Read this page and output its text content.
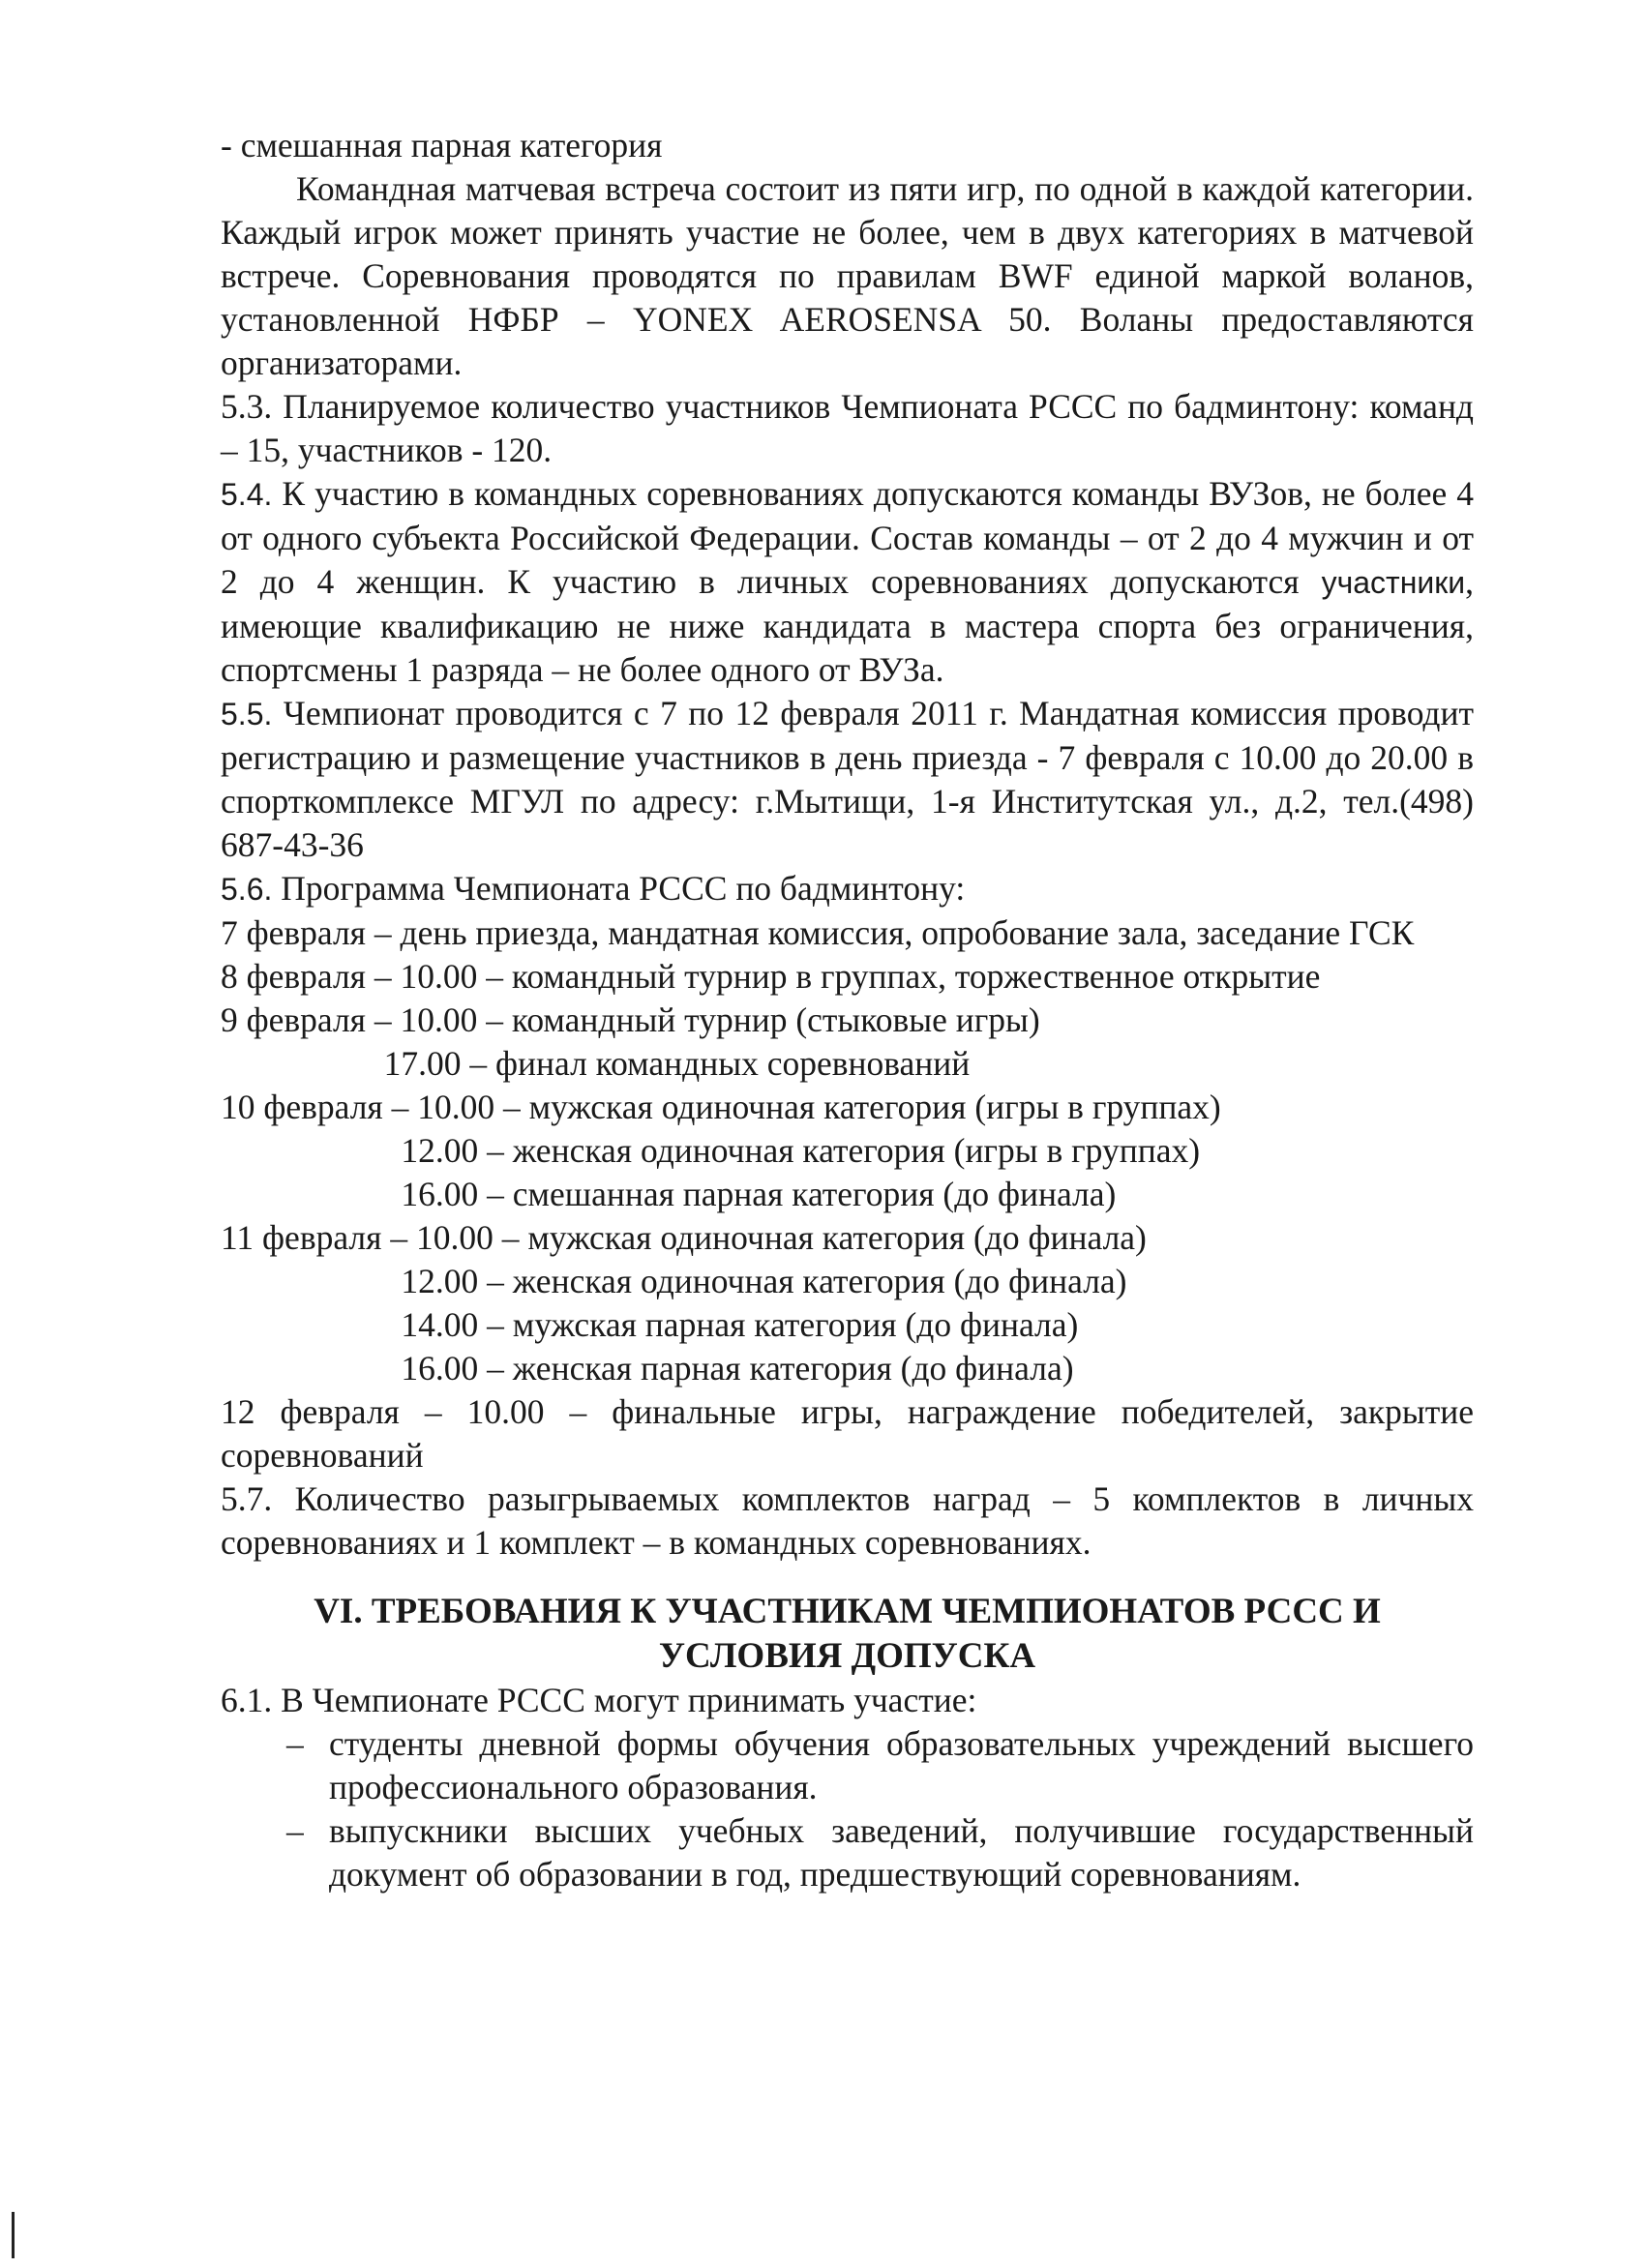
- смешанная парная категория

Командная матчевая встреча состоит из пяти игр, по одной в каждой категории. Каждый игрок может принять участие не более, чем в двух категориях в матчевой встрече. Соревнования проводятся по правилам BWF единой маркой воланов, установленной НФБР – YONEX AEROSENSA 50. Воланы предоставляются организаторами.

5.3. Планируемое количество участников Чемпионата РССС по бадминтону: команд – 15, участников - 120.

5.4. К участию в командных соревнованиях допускаются команды ВУЗов, не более 4 от одного субъекта Российской Федерации. Состав команды – от 2 до 4 мужчин и от 2 до 4 женщин. К участию в личных соревнованиях допускаются участники, имеющие квалификацию не ниже кандидата в мастера спорта без ограничения, спортсмены 1 разряда – не более одного от ВУЗа.

5.5. Чемпионат проводится с 7 по 12 февраля 2011 г. Мандатная комиссия проводит регистрацию и размещение участников в день приезда - 7 февраля с 10.00 до 20.00 в спорткомплексе МГУЛ по адресу: г.Мытищи, 1-я Институтская ул., д.2, тел.(498) 687-43-36

5.6. Программа Чемпионата РССС по бадминтону:

7 февраля – день приезда, мандатная комиссия, опробование зала, заседание ГСК

8 февраля – 10.00 – командный турнир в группах, торжественное открытие
9 февраля – 10.00 – командный турнир (стыковые игры)
17.00 – финал командных соревнований
10 февраля – 10.00 – мужская одиночная категория (игры в группах)
12.00 – женская одиночная категория (игры в группах)
16.00 – смешанная парная категория (до финала)
11 февраля – 10.00 – мужская одиночная категория (до финала)
12.00 – женская одиночная категория (до финала)
14.00 – мужская парная категория (до финала)
16.00 – женская парная категория (до финала)

12 февраля – 10.00 – финальные игры, награждение победителей, закрытие соревнований

5.7. Количество разыгрываемых комплектов наград – 5 комплектов в личных соревнованиях и 1 комплект – в командных соревнованиях.

VI. ТРЕБОВАНИЯ К УЧАСТНИКАМ ЧЕМПИОНАТОВ РССС И
УСЛОВИЯ ДОПУСКА

6.1. В Чемпионате РССС могут принимать участие:

– студенты дневной формы обучения образовательных учреждений высшего профессионального образования.
– выпускники высших учебных заведений, получившие государственный документ об образовании в год, предшествующий соревнованиям.
